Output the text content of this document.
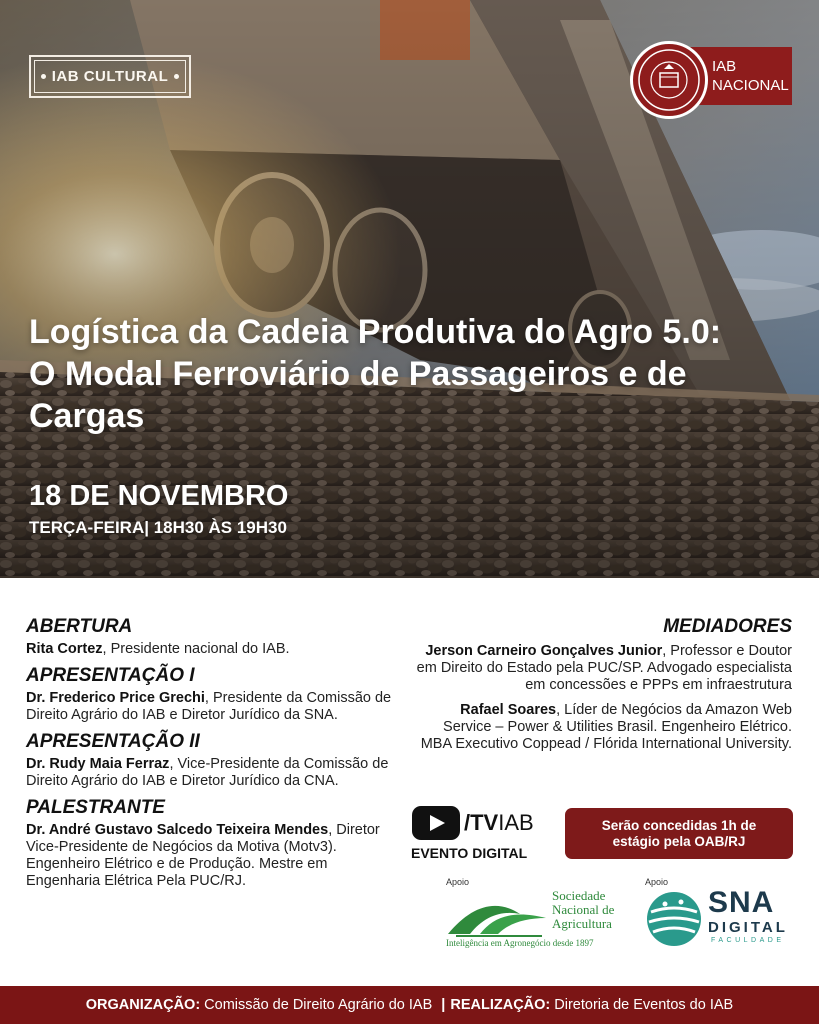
IAB CULTURAL
IAB
NACIONAL
Logística da Cadeia Produtiva do Agro 5.0: O Modal Ferroviário de Passageiros e de Cargas
18 DE NOVEMBRO
TERÇA-FEIRA| 18H30 ÀS 19H30
ABERTURA
Rita Cortez, Presidente nacional do IAB.
APRESENTAÇÃO I
Dr. Frederico Price Grechi, Presidente da Comissão de Direito Agrário do IAB e Diretor Jurídico da SNA.
APRESENTAÇÃO II
Dr. Rudy Maia Ferraz, Vice-Presidente da Comissão de Direito Agrário do IAB e Diretor Jurídico da CNA.
PALESTRANTE
Dr. André Gustavo Salcedo Teixeira Mendes, Diretor Vice-Presidente de Negócios da Motiva (Motv3). Engenheiro Elétrico e de Produção. Mestre em Engenharia Elétrica Pela PUC/RJ.
MEDIADORES
Jerson Carneiro Gonçalves Junior, Professor e Doutor em Direito do Estado pela PUC/SP. Advogado especialista em concessões e PPPs em infraestrutura
Rafael Soares, Líder de Negócios da Amazon Web Service – Power & Utilities Brasil. Engenheiro Elétrico. MBA Executivo Coppead / Flórida International University.
/TVIAB
EVENTO DIGITAL
Serão concedidas 1h de estágio pela OAB/RJ
Apoio
Sociedade
Nacional de
Agricultura
Inteligência em Agronegócio desde 1897
Apoio
SNA
DIGITAL
FACULDADE
ORGANIZAÇÃO: Comissão de Direito Agrário do IAB | REALIZAÇÃO: Diretoria de Eventos do IAB
